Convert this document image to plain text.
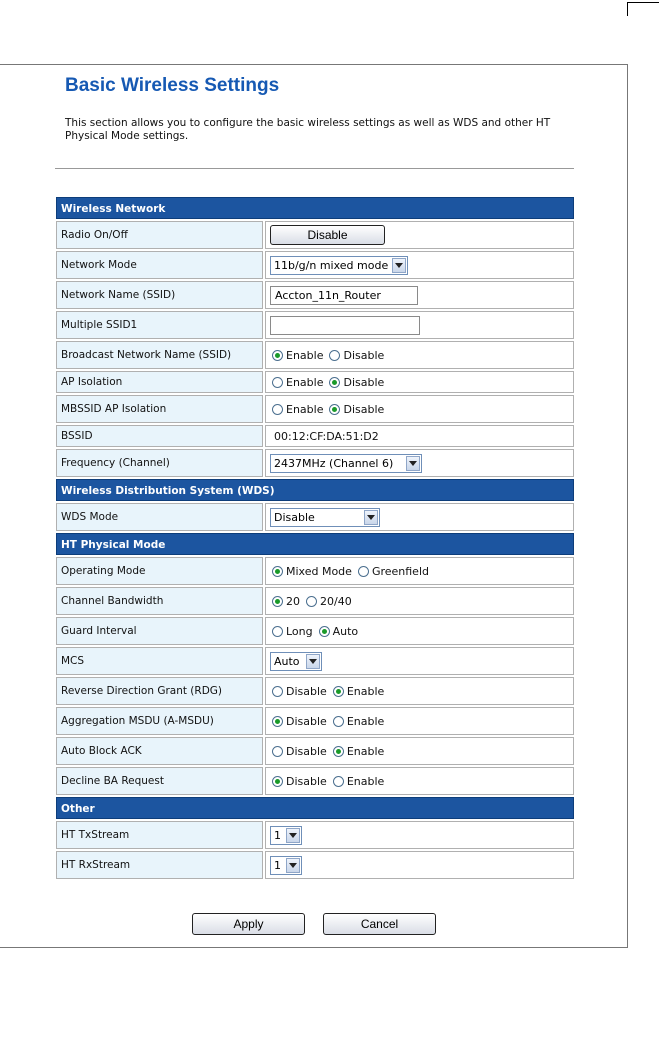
Basic Wireless Settings

This section allows you to configure the basic wireless settings as well as WDS and other HT Physical Mode settings.

Wireless Network
Radio On/Off	Disable
Network Mode	11b/g/n mixed mode
Network Name (SSID)	Accton_11n_Router
Multiple SSID1
Broadcast Network Name (SSID)	Enable Disable
AP Isolation	Enable Disable
MBSSID AP Isolation	Enable Disable
BSSID	00:12:CF:DA:51:D2
Frequency (Channel)	2437MHz (Channel 6)
Wireless Distribution System (WDS)
WDS Mode	Disable
HT Physical Mode
Operating Mode	Mixed Mode Greenfield
Channel Bandwidth	20 20/40
Guard Interval	Long Auto
MCS	Auto
Reverse Direction Grant (RDG)	Disable Enable
Aggregation MSDU (A-MSDU)	Disable Enable
Auto Block ACK	Disable Enable
Decline BA Request	Disable Enable
Other
HT TxStream	1
HT RxStream	1
Apply	Cancel
